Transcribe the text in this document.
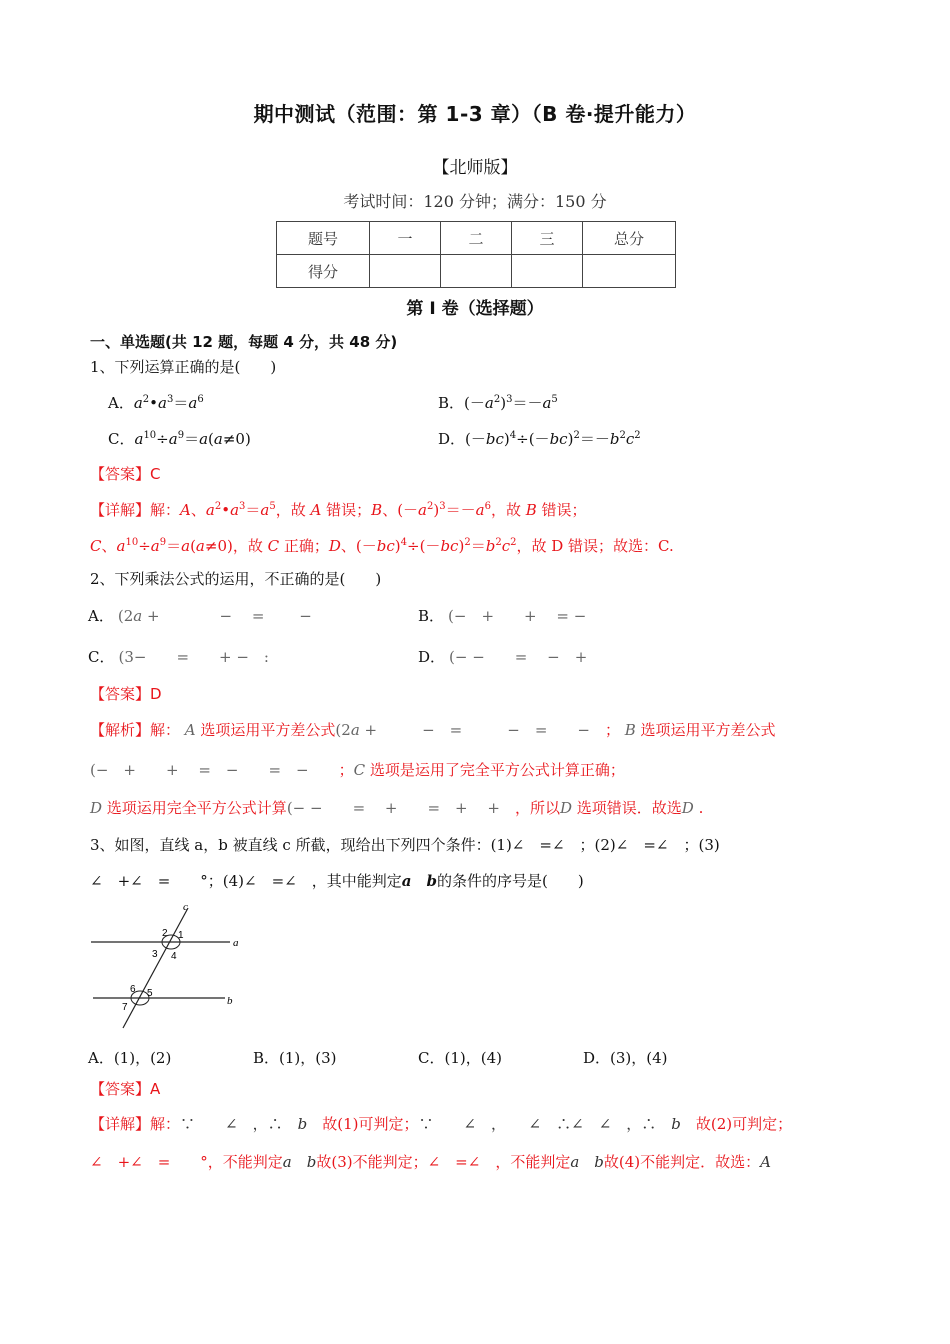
期中测试（范围：第 1-3 章）（B 卷·提升能力）
【北师版】
考试时间：120 分钟；满分：150 分
题号	一	二	三	总分
得分				
第 I 卷（选择题）
一、单选题(共 12 题，每题 4 分，共 48 分)
1、下列运算正确的是(　　)
A．$a^2•a^3=a^6$	B．$(-a^2)^3=-a^5$
C．$a^{10}\div a^9=a(a\ne 0)$	D．$(-bc)^4\div(-bc)^2=-b^2c^2$
【答案】C
【详解】解：A、$a^2•a^3=a^5$，故 A 错误；B、$(-a^2)^3=-a^6$，故 B 错误；
C、$a^{10}\div a^9=a(a\ne 0)$，故 C 正确；D、$(-bc)^4\div(-bc)^2=b^2c^2$，故 D 错误；故选：C.
2、下列乘法公式的运用，不正确的是(　　)
A． (2a +　　　　−　 =　　 −	B． (−　+　　+　 = −
C． (3−　　=　　+ −　:	D． (− −　　=　 −　+
【答案】D
【解析】解： A 选项运用平方差公式(2a +　　　−　=　　　−　=　　−　； B 选项运用平方差公式
(−　+　　+　 =　−　　=　−　　；C 选项是运用了完全平方公式计算正确；
D 选项运用完全平方公式计算(− −　　=　 +　　=　+　 +　 ，所以D 选项错误．故选D .
3、如图，直线 a，b 被直线 c 所截，现给出下列四个条件：(1)∠　=∠　；(2)∠　=∠　；(3)
∠　+∠　=　　°；(4)∠　=∠　，其中能判定a　 b的条件的序号是(　　)
a
b
c
1
2
3 4
5
6
7
A．(1)，(2)	B．(1)，(3)	C．(1)，(4)	D．(3)，(4)
【答案】A
【详解】解：∵　　∠　，∴　b　 故(1)可判定；∵　　∠　，　　∠　∴∠　∠　，∴　b　 故(2)可判定；
∠　+∠　=　　°，不能判定a　 b故(3)不能判定；∠　=∠　，不能判定a　 b故(4)不能判定．故选：A
